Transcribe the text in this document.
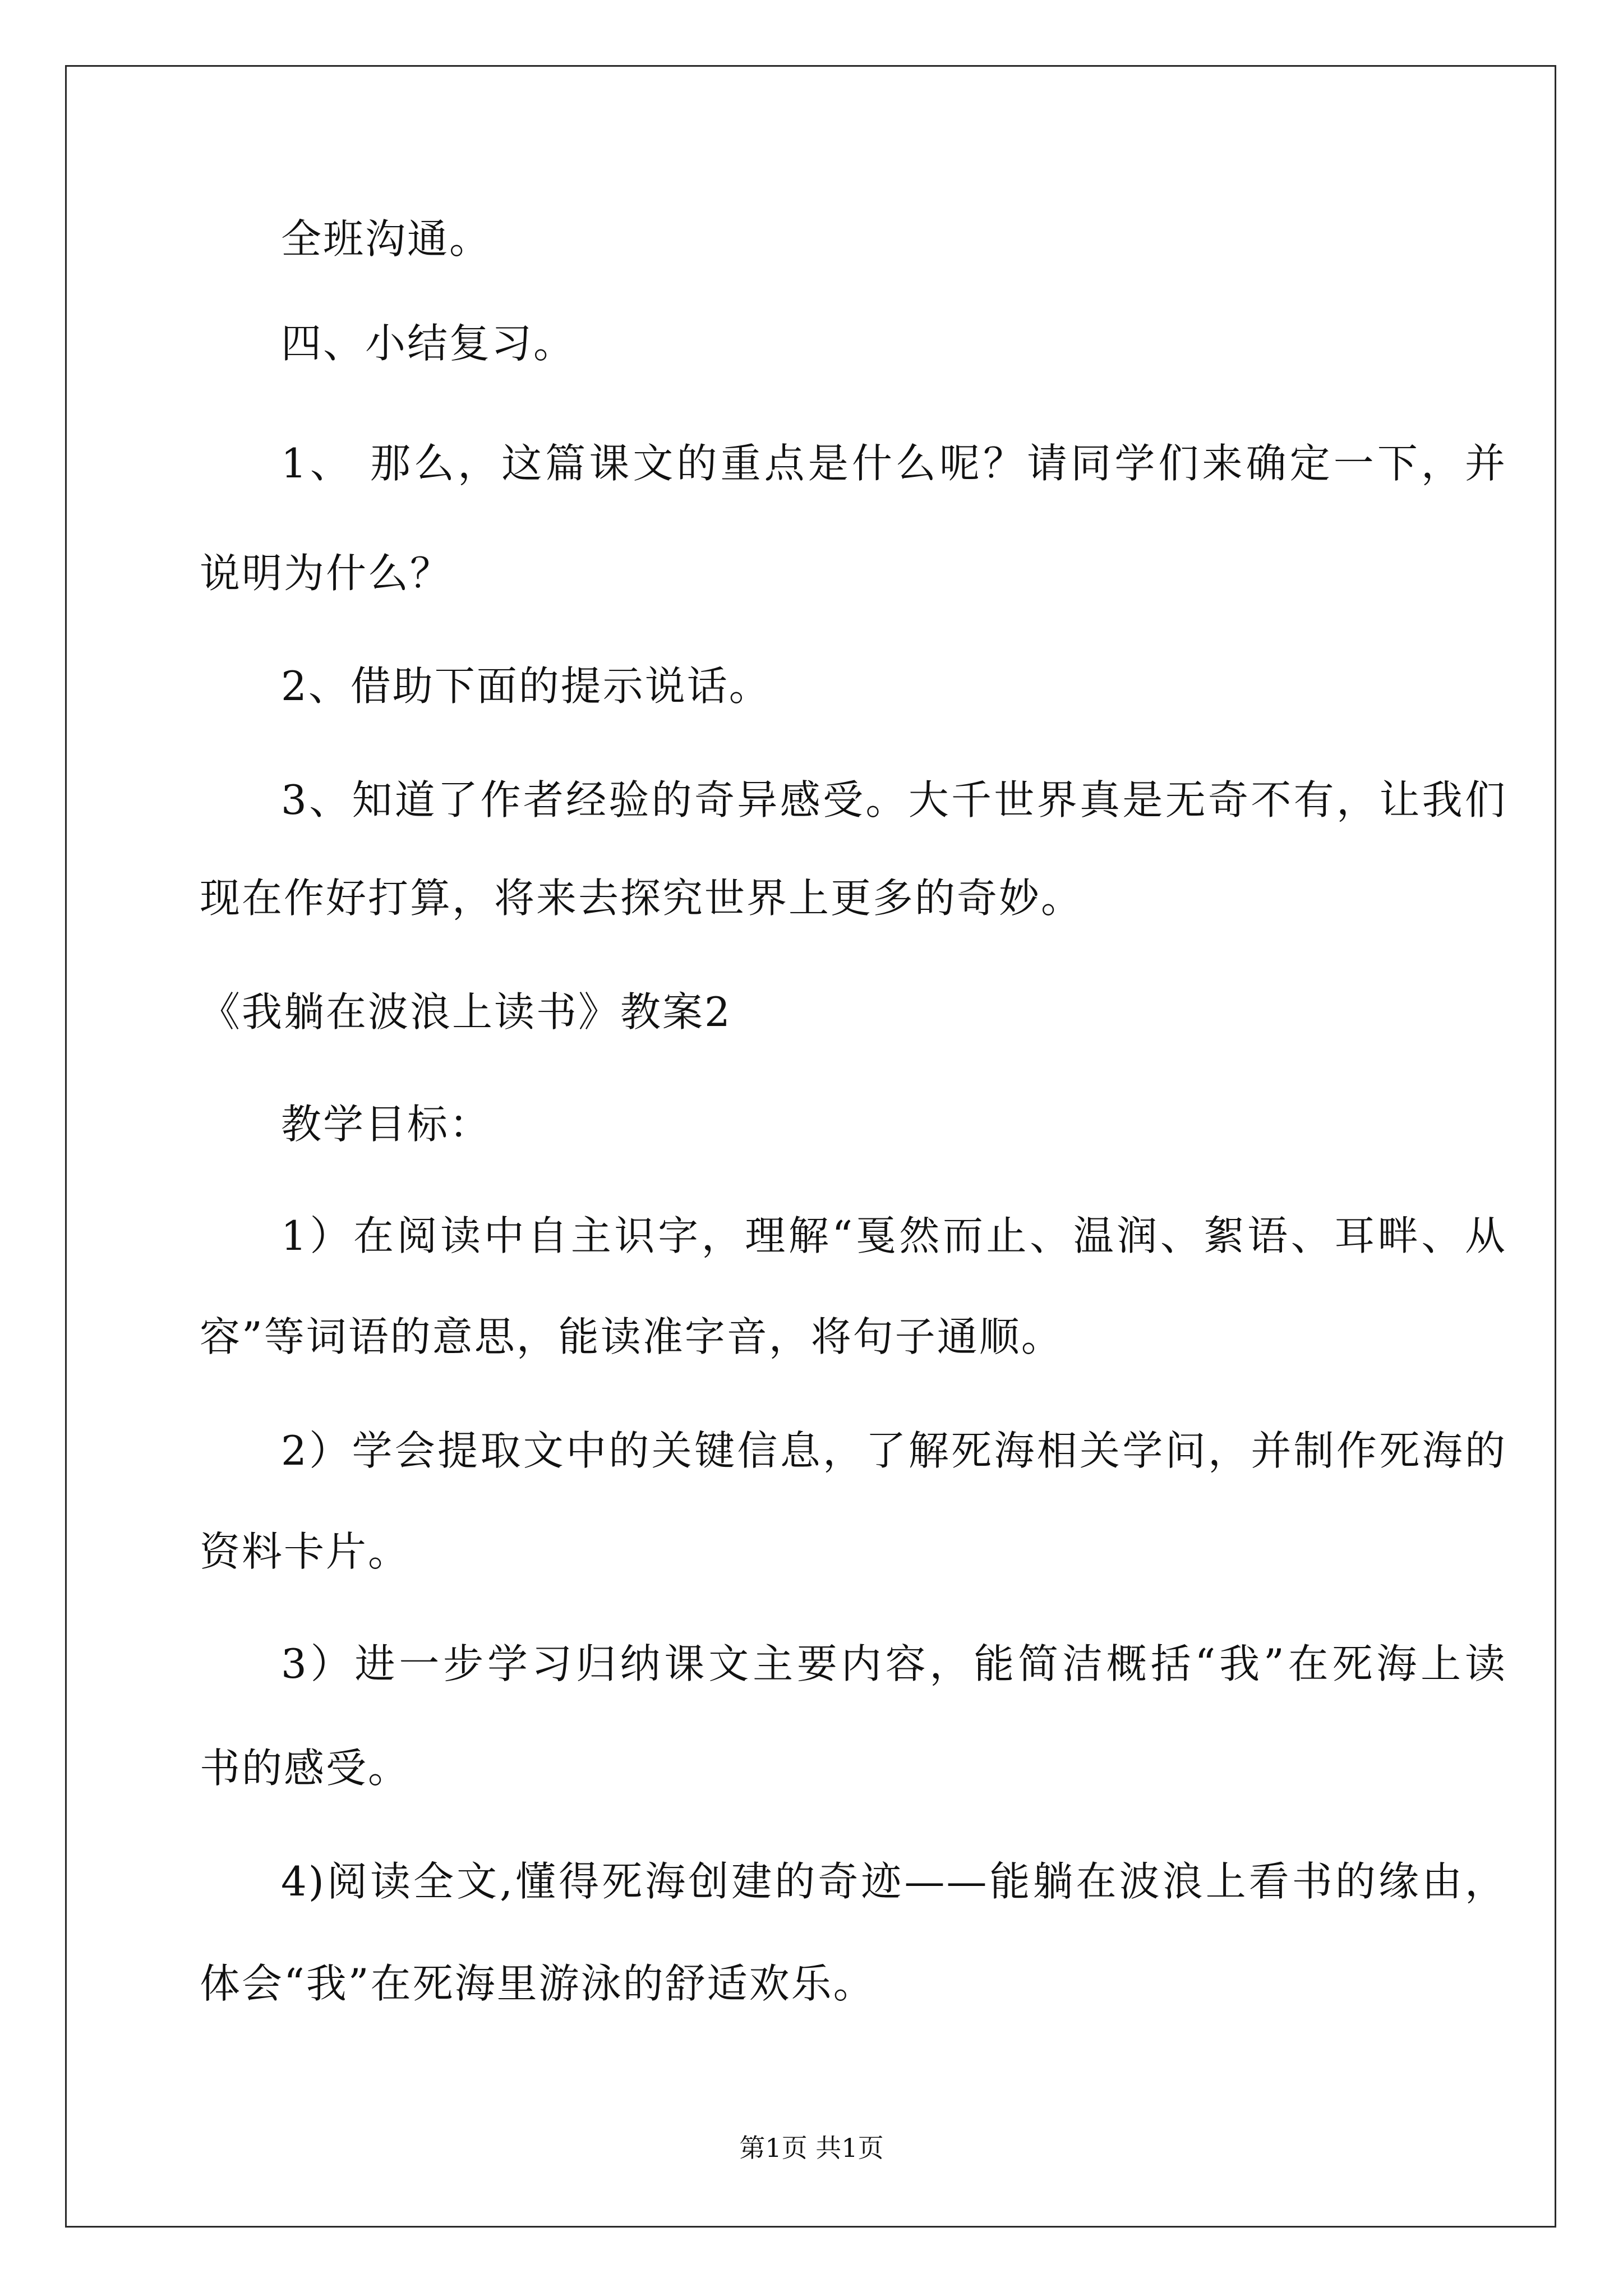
全班沟通。
四、小结复习。
1、 那么，这篇课文的重点是什么呢？请同学们来确定一下，并
说明为什么？
2、借助下面的提示说话。
3、知道了作者经验的奇异感受。大千世界真是无奇不有，让我们
现在作好打算，将来去探究世界上更多的奇妙。
《我躺在波浪上读书》教案2
教学目标：
1）在阅读中自主识字，理解“戛然而止、温润、絮语、耳畔、从
容”等词语的意思，能读准字音，将句子通顺。
2）学会提取文中的关键信息，了解死海相关学问，并制作死海的
资料卡片。
3）进一步学习归纳课文主要内容，能简洁概括“我”在死海上读
书的感受。
4)阅读全文,懂得死海创建的奇迹——能躺在波浪上看书的缘由，
体会“我”在死海里游泳的舒适欢乐。
第1页 共1页
